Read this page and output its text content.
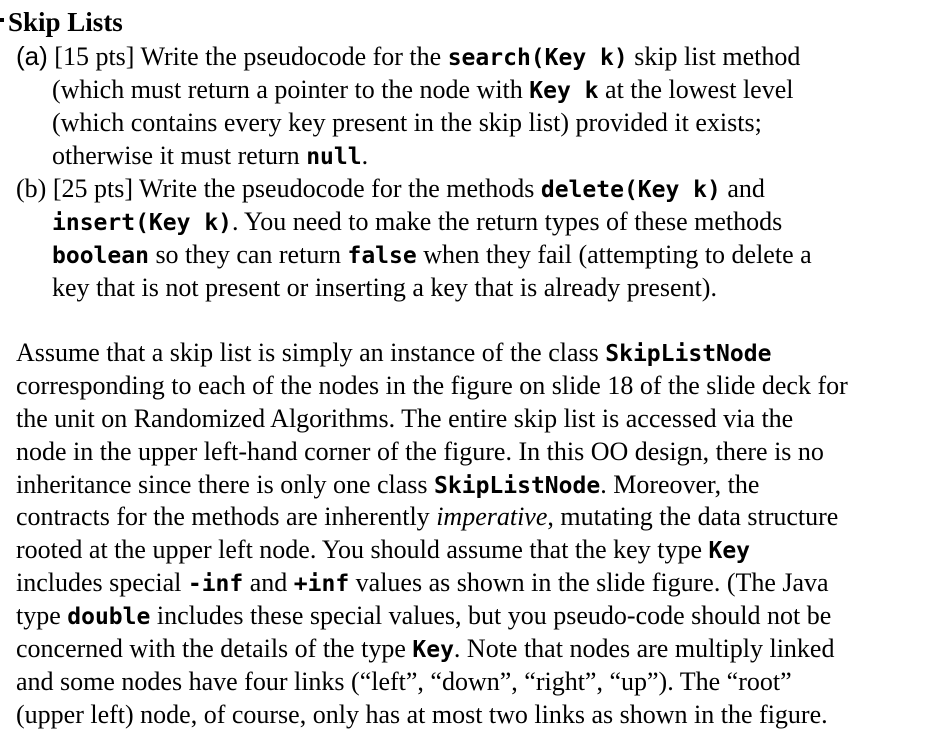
Skip Lists
(a) [15 pts] Write the pseudocode for the search(Key k) skip list method
(which must return a pointer to the node with Key k at the lowest level
(which contains every key present in the skip list) provided it exists;
otherwise it must return null.
(b) [25 pts] Write the pseudocode for the methods delete(Key k) and
insert(Key k). You need to make the return types of these methods
boolean so they can return false when they fail (attempting to delete a
key that is not present or inserting a key that is already present).
Assume that a skip list is simply an instance of the class SkipListNode
corresponding to each of the nodes in the figure on slide 18 of the slide deck for
the unit on Randomized Algorithms. The entire skip list is accessed via the
node in the upper left-hand corner of the figure. In this OO design, there is no
inheritance since there is only one class SkipListNode. Moreover, the
contracts for the methods are inherently imperative, mutating the data structure
rooted at the upper left node. You should assume that the key type Key
includes special -inf and +inf values as shown in the slide figure. (The Java
type double includes these special values, but you pseudo-code should not be
concerned with the details of the type Key. Note that nodes are multiply linked
and some nodes have four links (“left”, “down”, “right”, “up”). The “root”
(upper left) node, of course, only has at most two links as shown in the figure.
